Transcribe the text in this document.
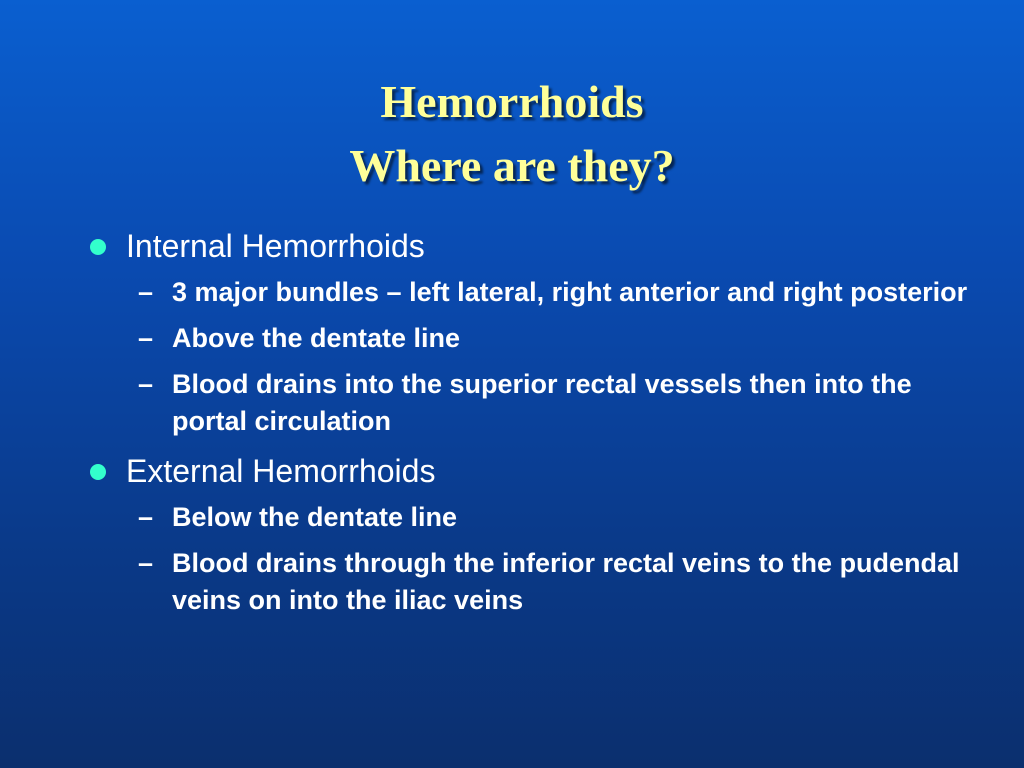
Hemorrhoids
Where are they?
Internal Hemorrhoids
– 3 major bundles – left lateral, right anterior and right posterior
– Above the dentate line
– Blood drains into the superior rectal vessels then into the portal circulation
External Hemorrhoids
– Below the dentate line
– Blood drains through the inferior rectal veins to the pudendal veins on into the iliac veins
